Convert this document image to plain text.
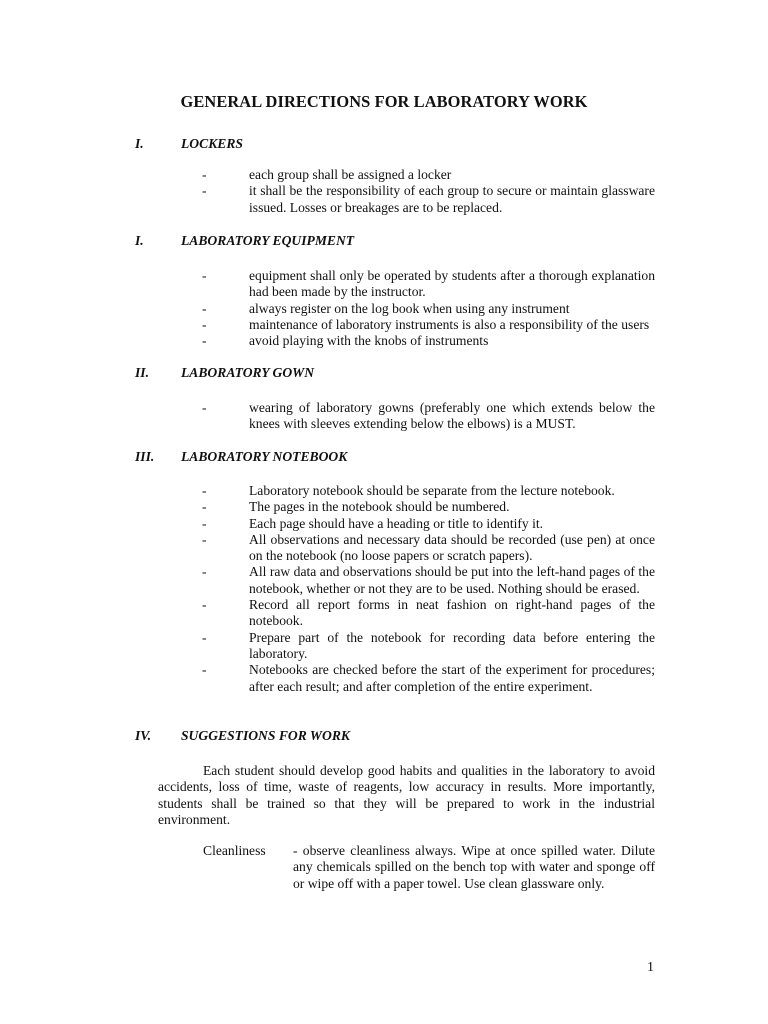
GENERAL DIRECTIONS FOR LABORATORY WORK
I.	LOCKERS
-	each group shall be assigned a locker
-	it shall be the responsibility of each group to secure or maintain glassware issued. Losses or breakages are to be replaced.
I.	LABORATORY EQUIPMENT
-	equipment shall only be operated by students after a thorough explanation had been made by the instructor.
-	always register on the log book when using any instrument
-	maintenance of laboratory instruments is also a responsibility of the users
-	avoid playing with the knobs of instruments
II. LABORATORY GOWN
-	wearing of laboratory gowns (preferably one which extends below the knees with sleeves extending below the elbows) is a MUST.
III. LABORATORY NOTEBOOK
-	Laboratory notebook should be separate from the lecture notebook.
-	The pages in the notebook should be numbered.
-	Each page should have a heading or title to identify it.
-	All observations and necessary data should be recorded (use pen) at once on the notebook (no loose papers or scratch papers).
-	All raw data and observations should be put into the left-hand pages of the notebook, whether or not they are to be used. Nothing should be erased.
-	Record all report forms in neat fashion on right-hand pages of the notebook.
-	Prepare part of the notebook for recording data before entering the laboratory.
-	Notebooks are checked before the start of the experiment for procedures; after each result; and after completion of the entire experiment.
IV. SUGGESTIONS FOR WORK
Each student should develop good habits and qualities in the laboratory to avoid accidents, loss of time, waste of reagents, low accuracy in results. More importantly, students shall be trained so that they will be prepared to work in the industrial environment.
Cleanliness - observe cleanliness always. Wipe at once spilled water. Dilute any chemicals spilled on the bench top with water and sponge off or wipe off with a paper towel. Use clean glassware only.
1
